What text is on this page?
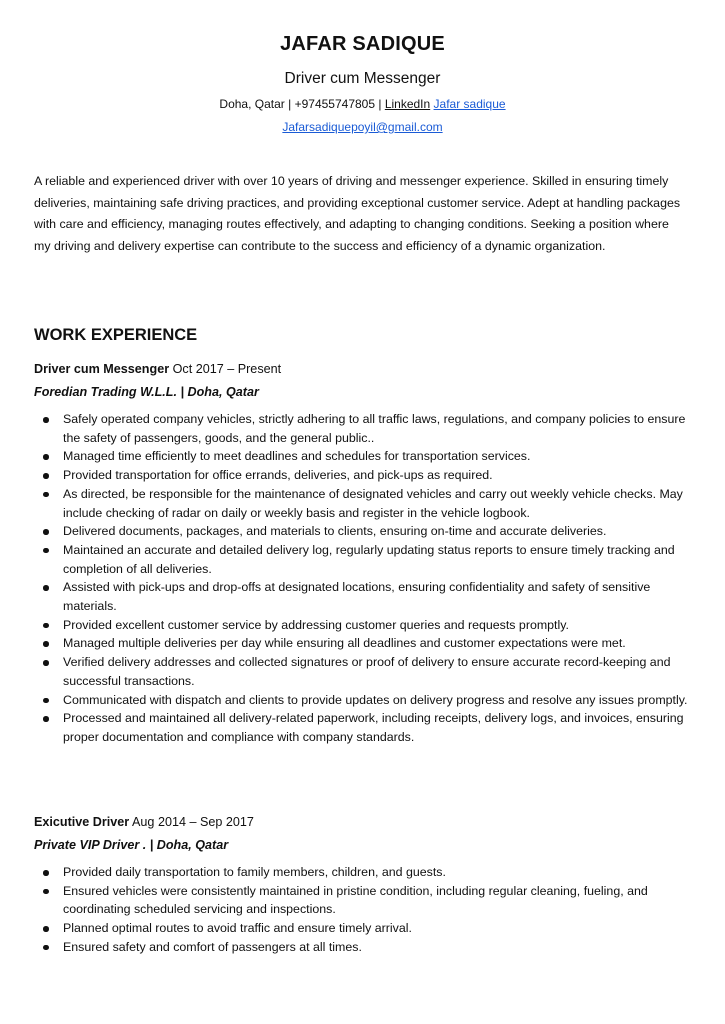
JAFAR SADIQUE
Driver cum Messenger
Doha, Qatar | +97455747805 | LinkedIn Jafar sadique
Jafarsadiquepoyil@gmail.com
A reliable and experienced driver with over 10 years of driving and messenger experience. Skilled in ensuring timely deliveries, maintaining safe driving practices, and providing exceptional customer service. Adept at handling packages with care and efficiency, managing routes effectively, and adapting to changing conditions. Seeking a position where my driving and delivery expertise can contribute to the success and efficiency of a dynamic organization.
WORK EXPERIENCE
Driver cum Messenger Oct 2017 – Present
Foredian Trading W.L.L. | Doha, Qatar
Safely operated company vehicles, strictly adhering to all traffic laws, regulations, and company policies to ensure the safety of passengers, goods, and the general public..
Managed time efficiently to meet deadlines and schedules for transportation services.
Provided transportation for office errands, deliveries, and pick-ups as required.
As directed, be responsible for the maintenance of designated vehicles and carry out weekly vehicle checks. May include checking of radar on daily or weekly basis and register in the vehicle logbook.
Delivered documents, packages, and materials to clients, ensuring on-time and accurate deliveries.
Maintained an accurate and detailed delivery log, regularly updating status reports to ensure timely tracking and completion of all deliveries.
Assisted with pick-ups and drop-offs at designated locations, ensuring confidentiality and safety of sensitive materials.
Provided excellent customer service by addressing customer queries and requests promptly.
Managed multiple deliveries per day while ensuring all deadlines and customer expectations were met.
Verified delivery addresses and collected signatures or proof of delivery to ensure accurate record-keeping and successful transactions.
Communicated with dispatch and clients to provide updates on delivery progress and resolve any issues promptly.
Processed and maintained all delivery-related paperwork, including receipts, delivery logs, and invoices, ensuring proper documentation and compliance with company standards.
Exicutive Driver Aug 2014 – Sep 2017
Private VIP Driver . | Doha, Qatar
Provided daily transportation to family members, children, and guests.
Ensured vehicles were consistently maintained in pristine condition, including regular cleaning, fueling, and coordinating scheduled servicing and inspections.
Planned optimal routes to avoid traffic and ensure timely arrival.
Ensured safety and comfort of passengers at all times.
